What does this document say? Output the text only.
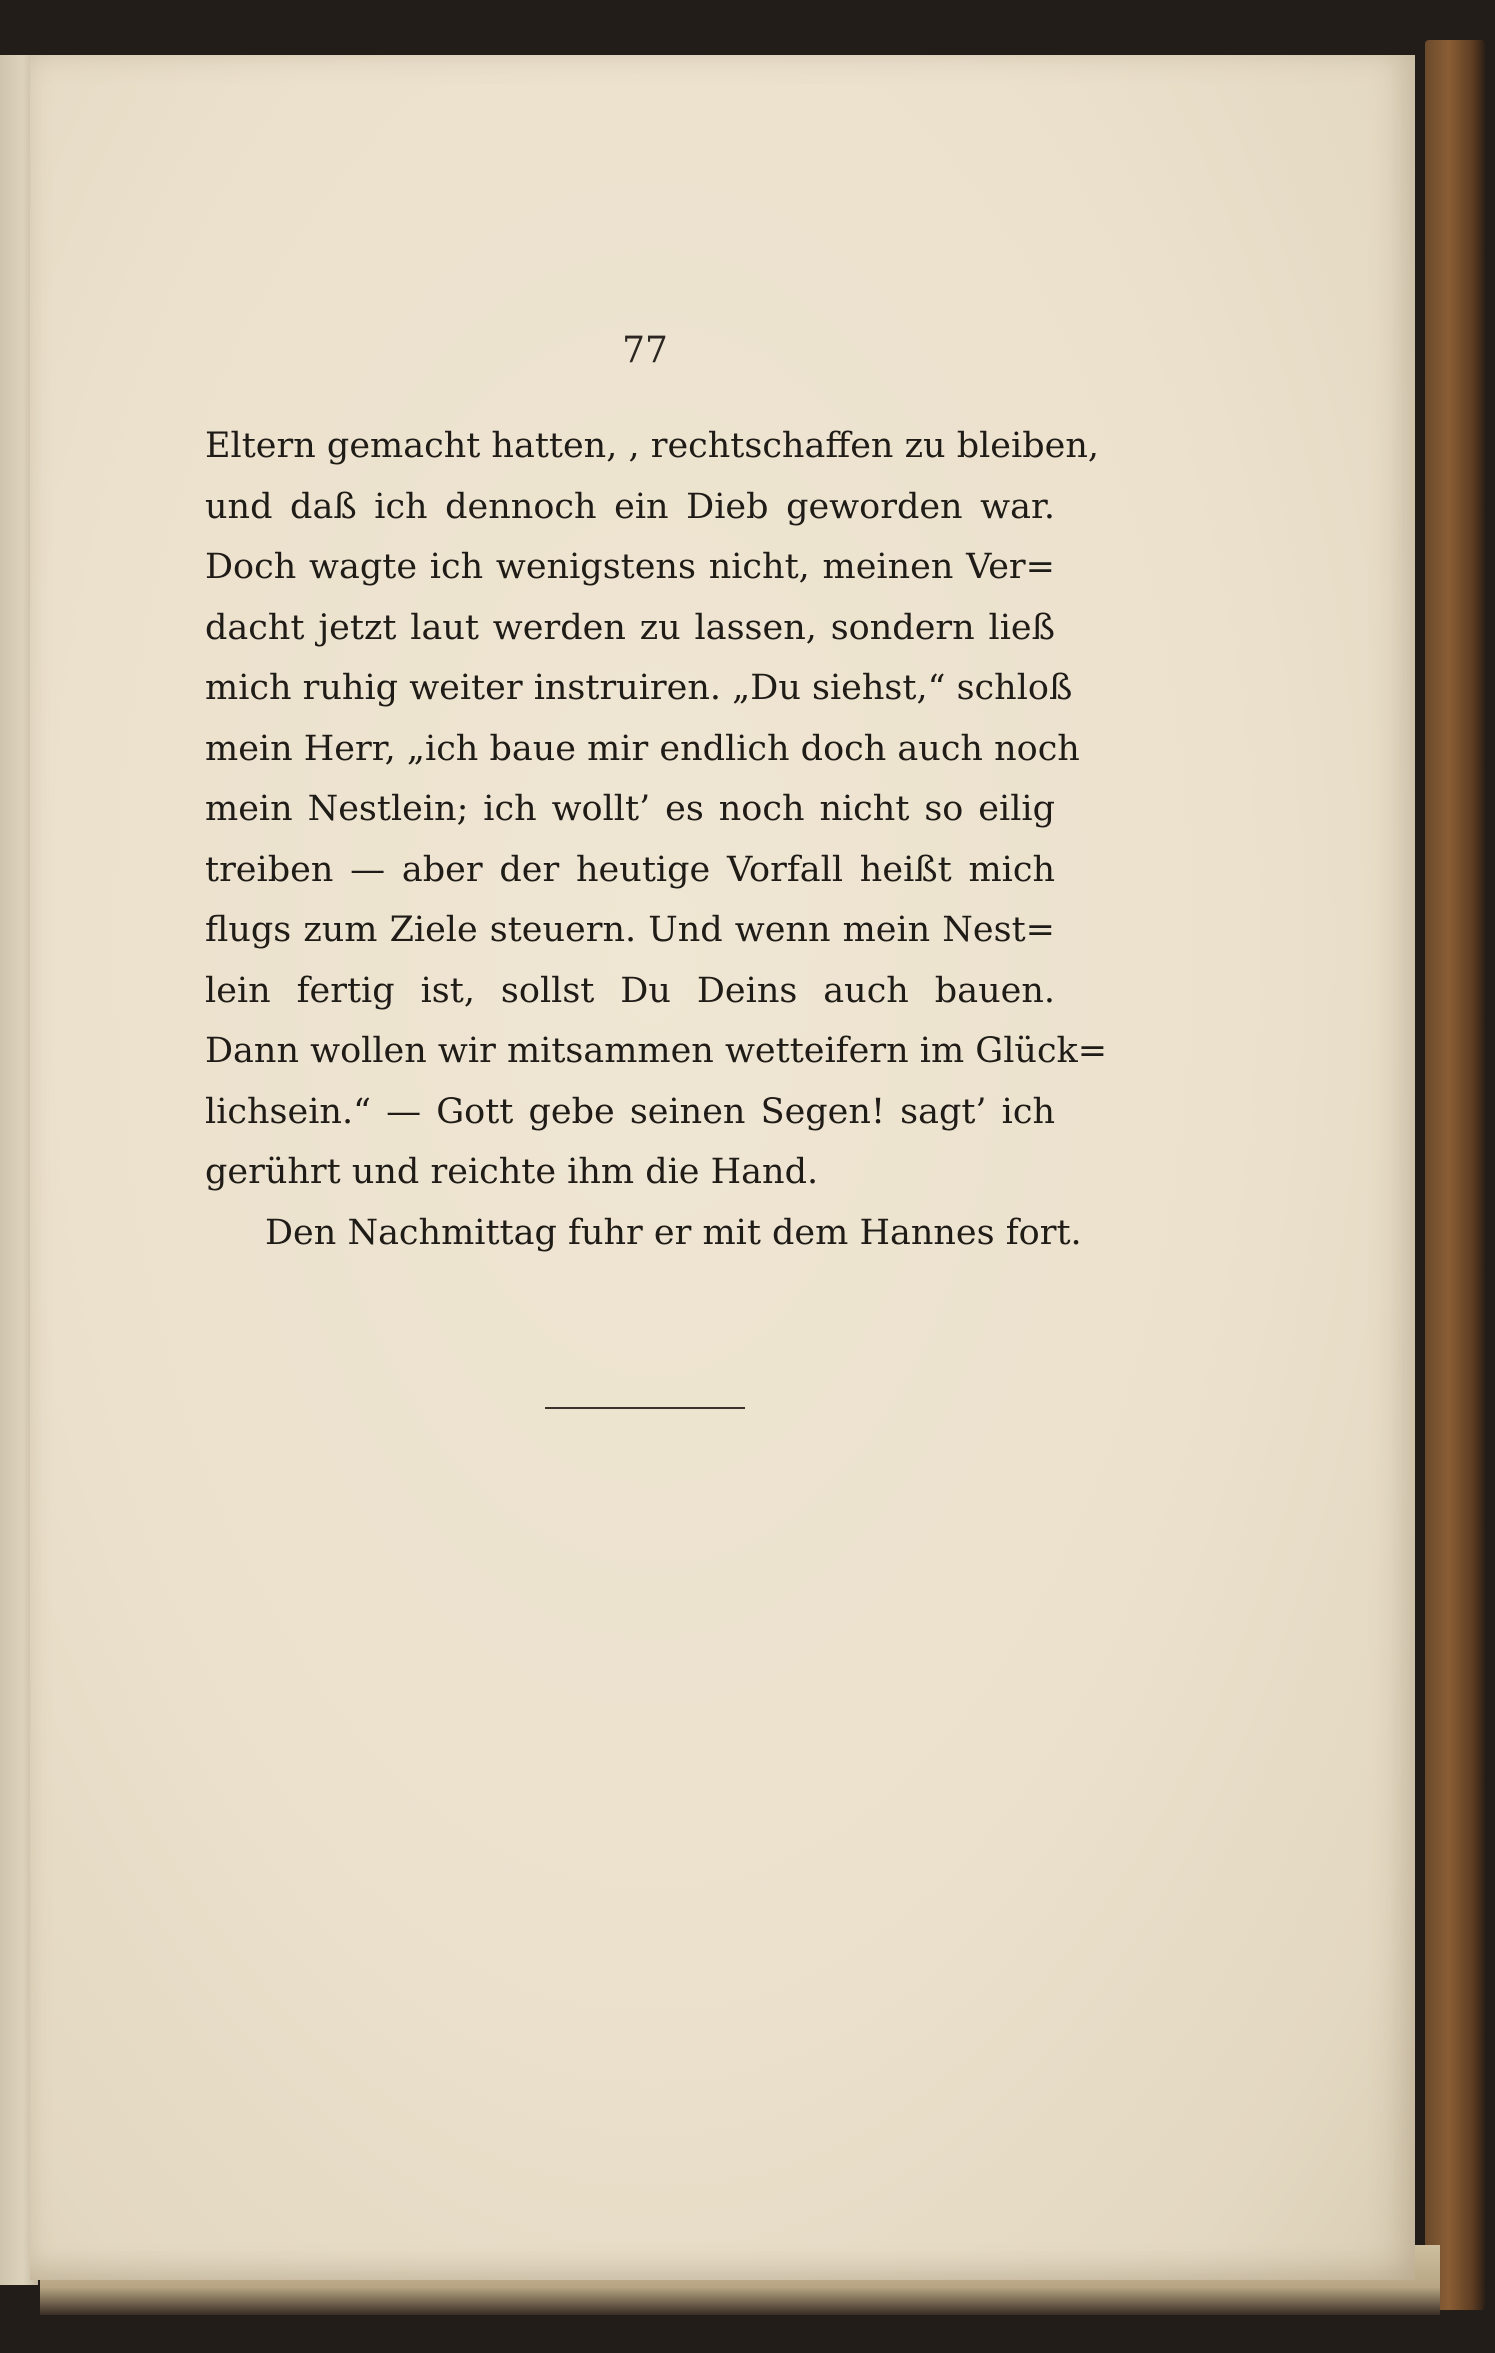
77
Eltern gemacht hatten, , rechtschaffen zu bleiben,
und daß ich dennoch ein Dieb geworden war.
Doch wagte ich wenigstens nicht, meinen Ver=
dacht jetzt laut werden zu lassen, sondern ließ
mich ruhig weiter instruiren. „Du siehst,“ schloß
mein Herr, „ich baue mir endlich doch auch noch
mein Nestlein; ich wollt’ es noch nicht so eilig
treiben — aber der heutige Vorfall heißt mich
flugs zum Ziele steuern. Und wenn mein Nest=
lein fertig ist, sollst Du Deins auch bauen.
Dann wollen wir mitsammen wetteifern im Glück=
lichsein.“ — Gott gebe seinen Segen! sagt’ ich
gerührt und reichte ihm die Hand.
Den Nachmittag fuhr er mit dem Hannes fort.
